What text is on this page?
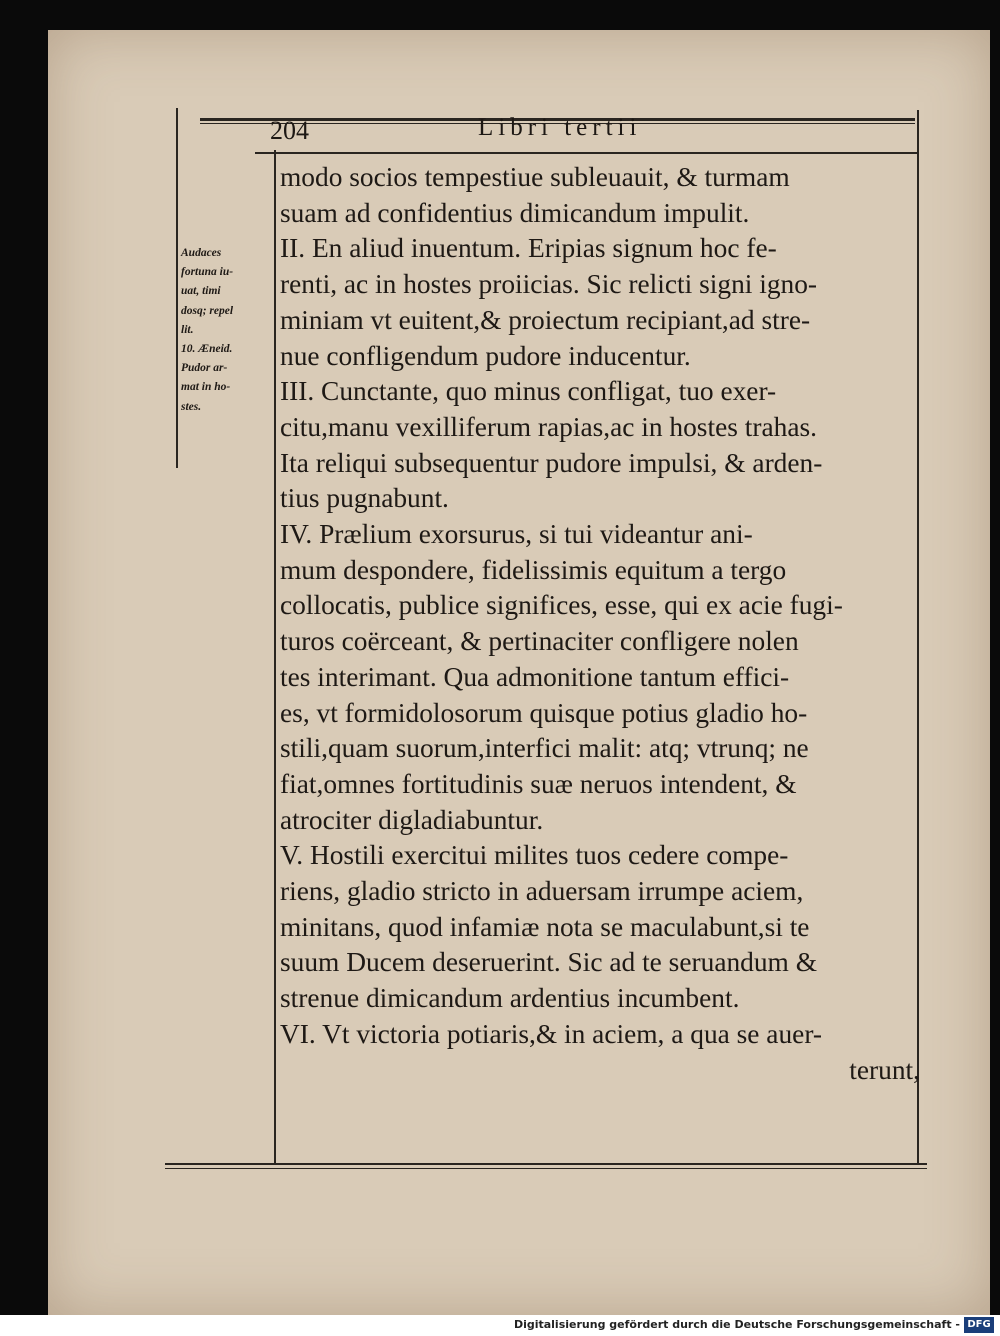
204	Libri tertii
Audaces
fortuna iu-
uat, timi
dosq; repel
lit.
10. Æneid.
Pudor ar-
mat in ho-
stes.
modo socios tempestiue subleuauit, & turmam
suam ad confidentius dimicandum impulit.
II. En aliud inuentum. Eripias signum hoc fe-
renti, ac in hostes proiicias. Sic relicti signi igno-
miniam vt euitent,& proiectum recipiant,ad stre-
nue confligendum pudore inducentur.
III. Cunctante, quo minus confligat, tuo exer-
citu,manu vexilliferum rapias,ac in hostes trahas.
Ita reliqui subsequentur pudore impulsi, & arden-
tius pugnabunt.
IV. Prælium exorsurus, si tui videantur ani-
mum despondere, fidelissimis equitum a tergo
collocatis, publice significes, esse, qui ex acie fugi-
turos coërceant, & pertinaciter confligere nolen
tes interimant. Qua admonitione tantum effici-
es, vt formidolosorum quisque potius gladio ho-
stili,quam suorum,interfici malit: atq; vtrunq; ne
fiat,omnes fortitudinis suæ neruos intendent, &
atrociter digladiabuntur.
V. Hostili exercitui milites tuos cedere compe-
riens, gladio stricto in aduersam irrumpe aciem,
minitans, quod infamiæ nota se maculabunt,si te
suum Ducem deseruerint. Sic ad te seruandum &
strenue dimicandum ardentius incumbent.
VI. Vt victoria potiaris,& in aciem, a qua se auer-
terunt,
Digitalisierung gefördert durch die Deutsche Forschungsgemeinschaft - DFG
